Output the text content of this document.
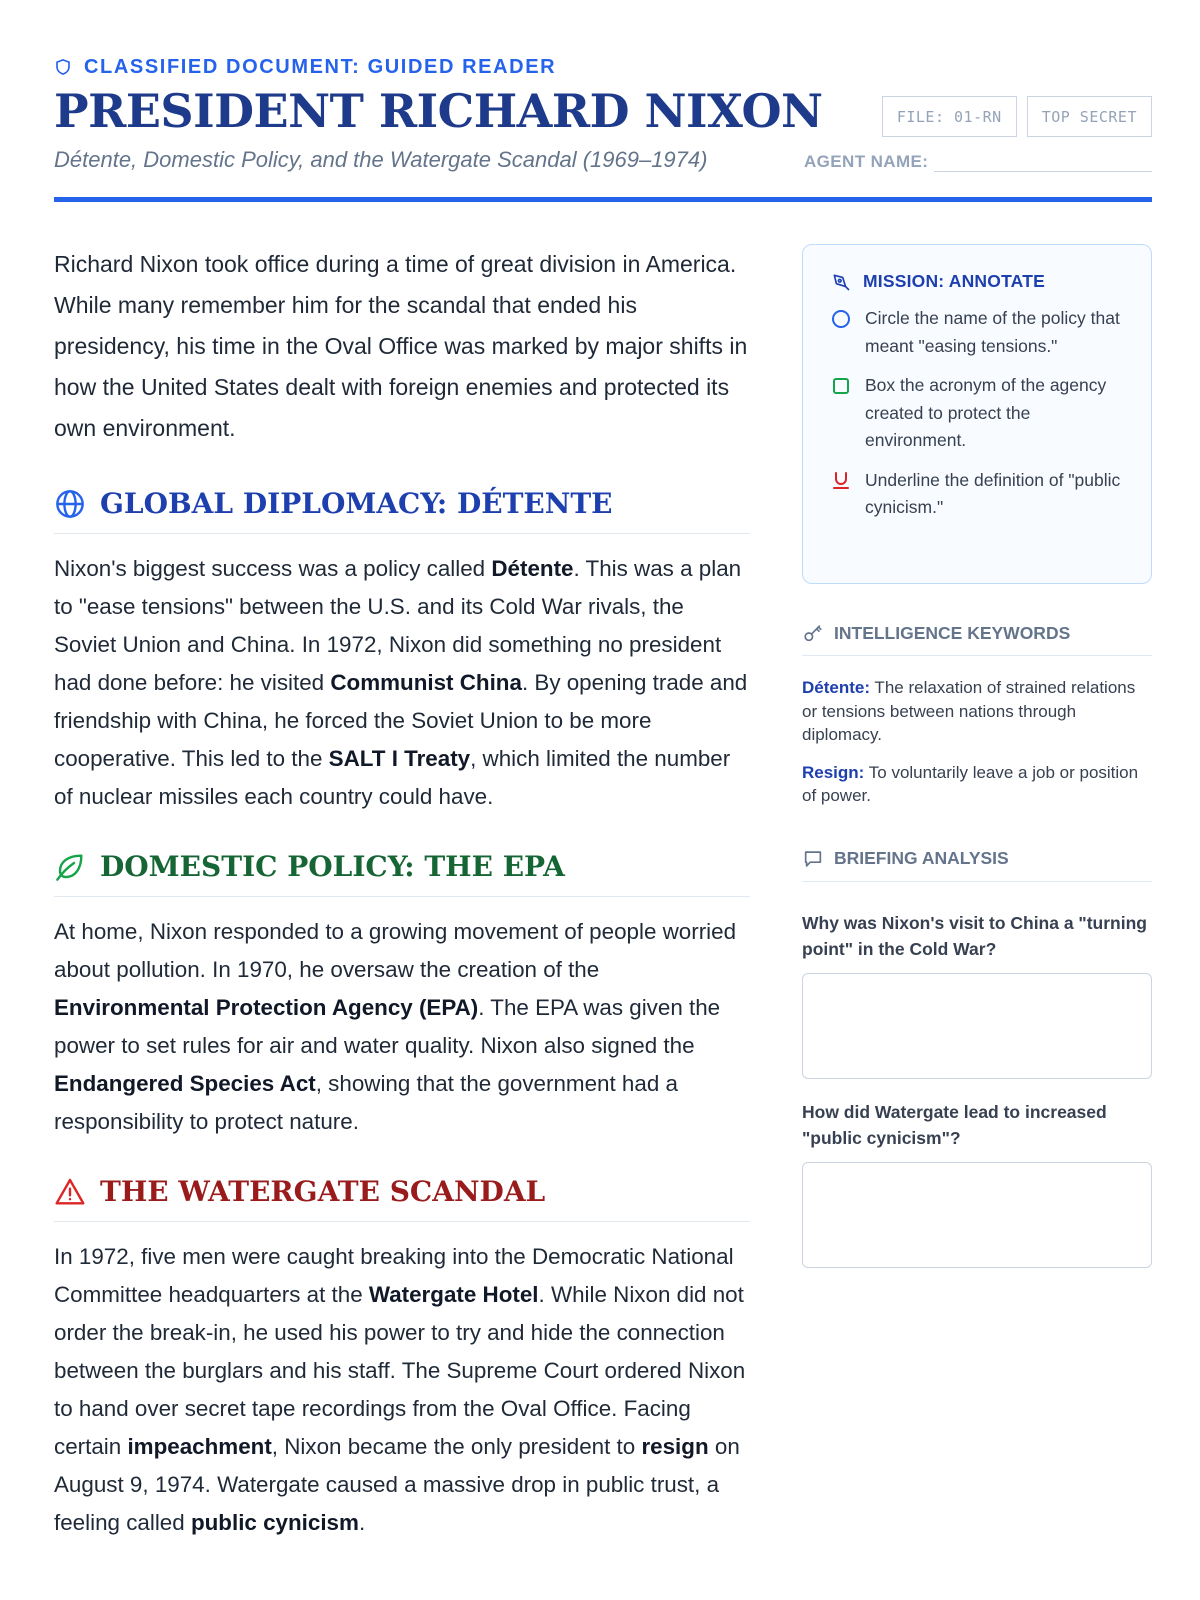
CLASSIFIED DOCUMENT: GUIDED READER
PRESIDENT RICHARD NIXON
Détente, Domestic Policy, and the Watergate Scandal (1969–1974)
FILE: 01-RN	TOP SECRET
AGENT NAME:

Richard Nixon took office during a time of great division in America. While many remember him for the scandal that ended his presidency, his time in the Oval Office was marked by major shifts in how the United States dealt with foreign enemies and protected its own environment.

GLOBAL DIPLOMACY: DÉTENTE

Nixon's biggest success was a policy called Détente. This was a plan to "ease tensions" between the U.S. and its Cold War rivals, the Soviet Union and China. In 1972, Nixon did something no president had done before: he visited Communist China. By opening trade and friendship with China, he forced the Soviet Union to be more cooperative. This led to the SALT I Treaty, which limited the number of nuclear missiles each country could have.

DOMESTIC POLICY: THE EPA

At home, Nixon responded to a growing movement of people worried about pollution. In 1970, he oversaw the creation of the Environmental Protection Agency (EPA). The EPA was given the power to set rules for air and water quality. Nixon also signed the Endangered Species Act, showing that the government had a responsibility to protect nature.

THE WATERGATE SCANDAL

In 1972, five men were caught breaking into the Democratic National Committee headquarters at the Watergate Hotel. While Nixon did not order the break-in, he used his power to try and hide the connection between the burglars and his staff. The Supreme Court ordered Nixon to hand over secret tape recordings from the Oval Office. Facing certain impeachment, Nixon became the only president to resign on August 9, 1974. Watergate caused a massive drop in public trust, a feeling called public cynicism.

MISSION: ANNOTATE
Circle the name of the policy that meant "easing tensions."
Box the acronym of the agency created to protect the environment.
Underline the definition of "public cynicism."
INTELLIGENCE KEYWORDS

Détente: The relaxation of strained relations or tensions between nations through diplomacy.

Resign: To voluntarily leave a job or position of power.

BRIEFING ANALYSIS

Why was Nixon's visit to China a "turning point" in the Cold War?

How did Watergate lead to increased "public cynicism"?
